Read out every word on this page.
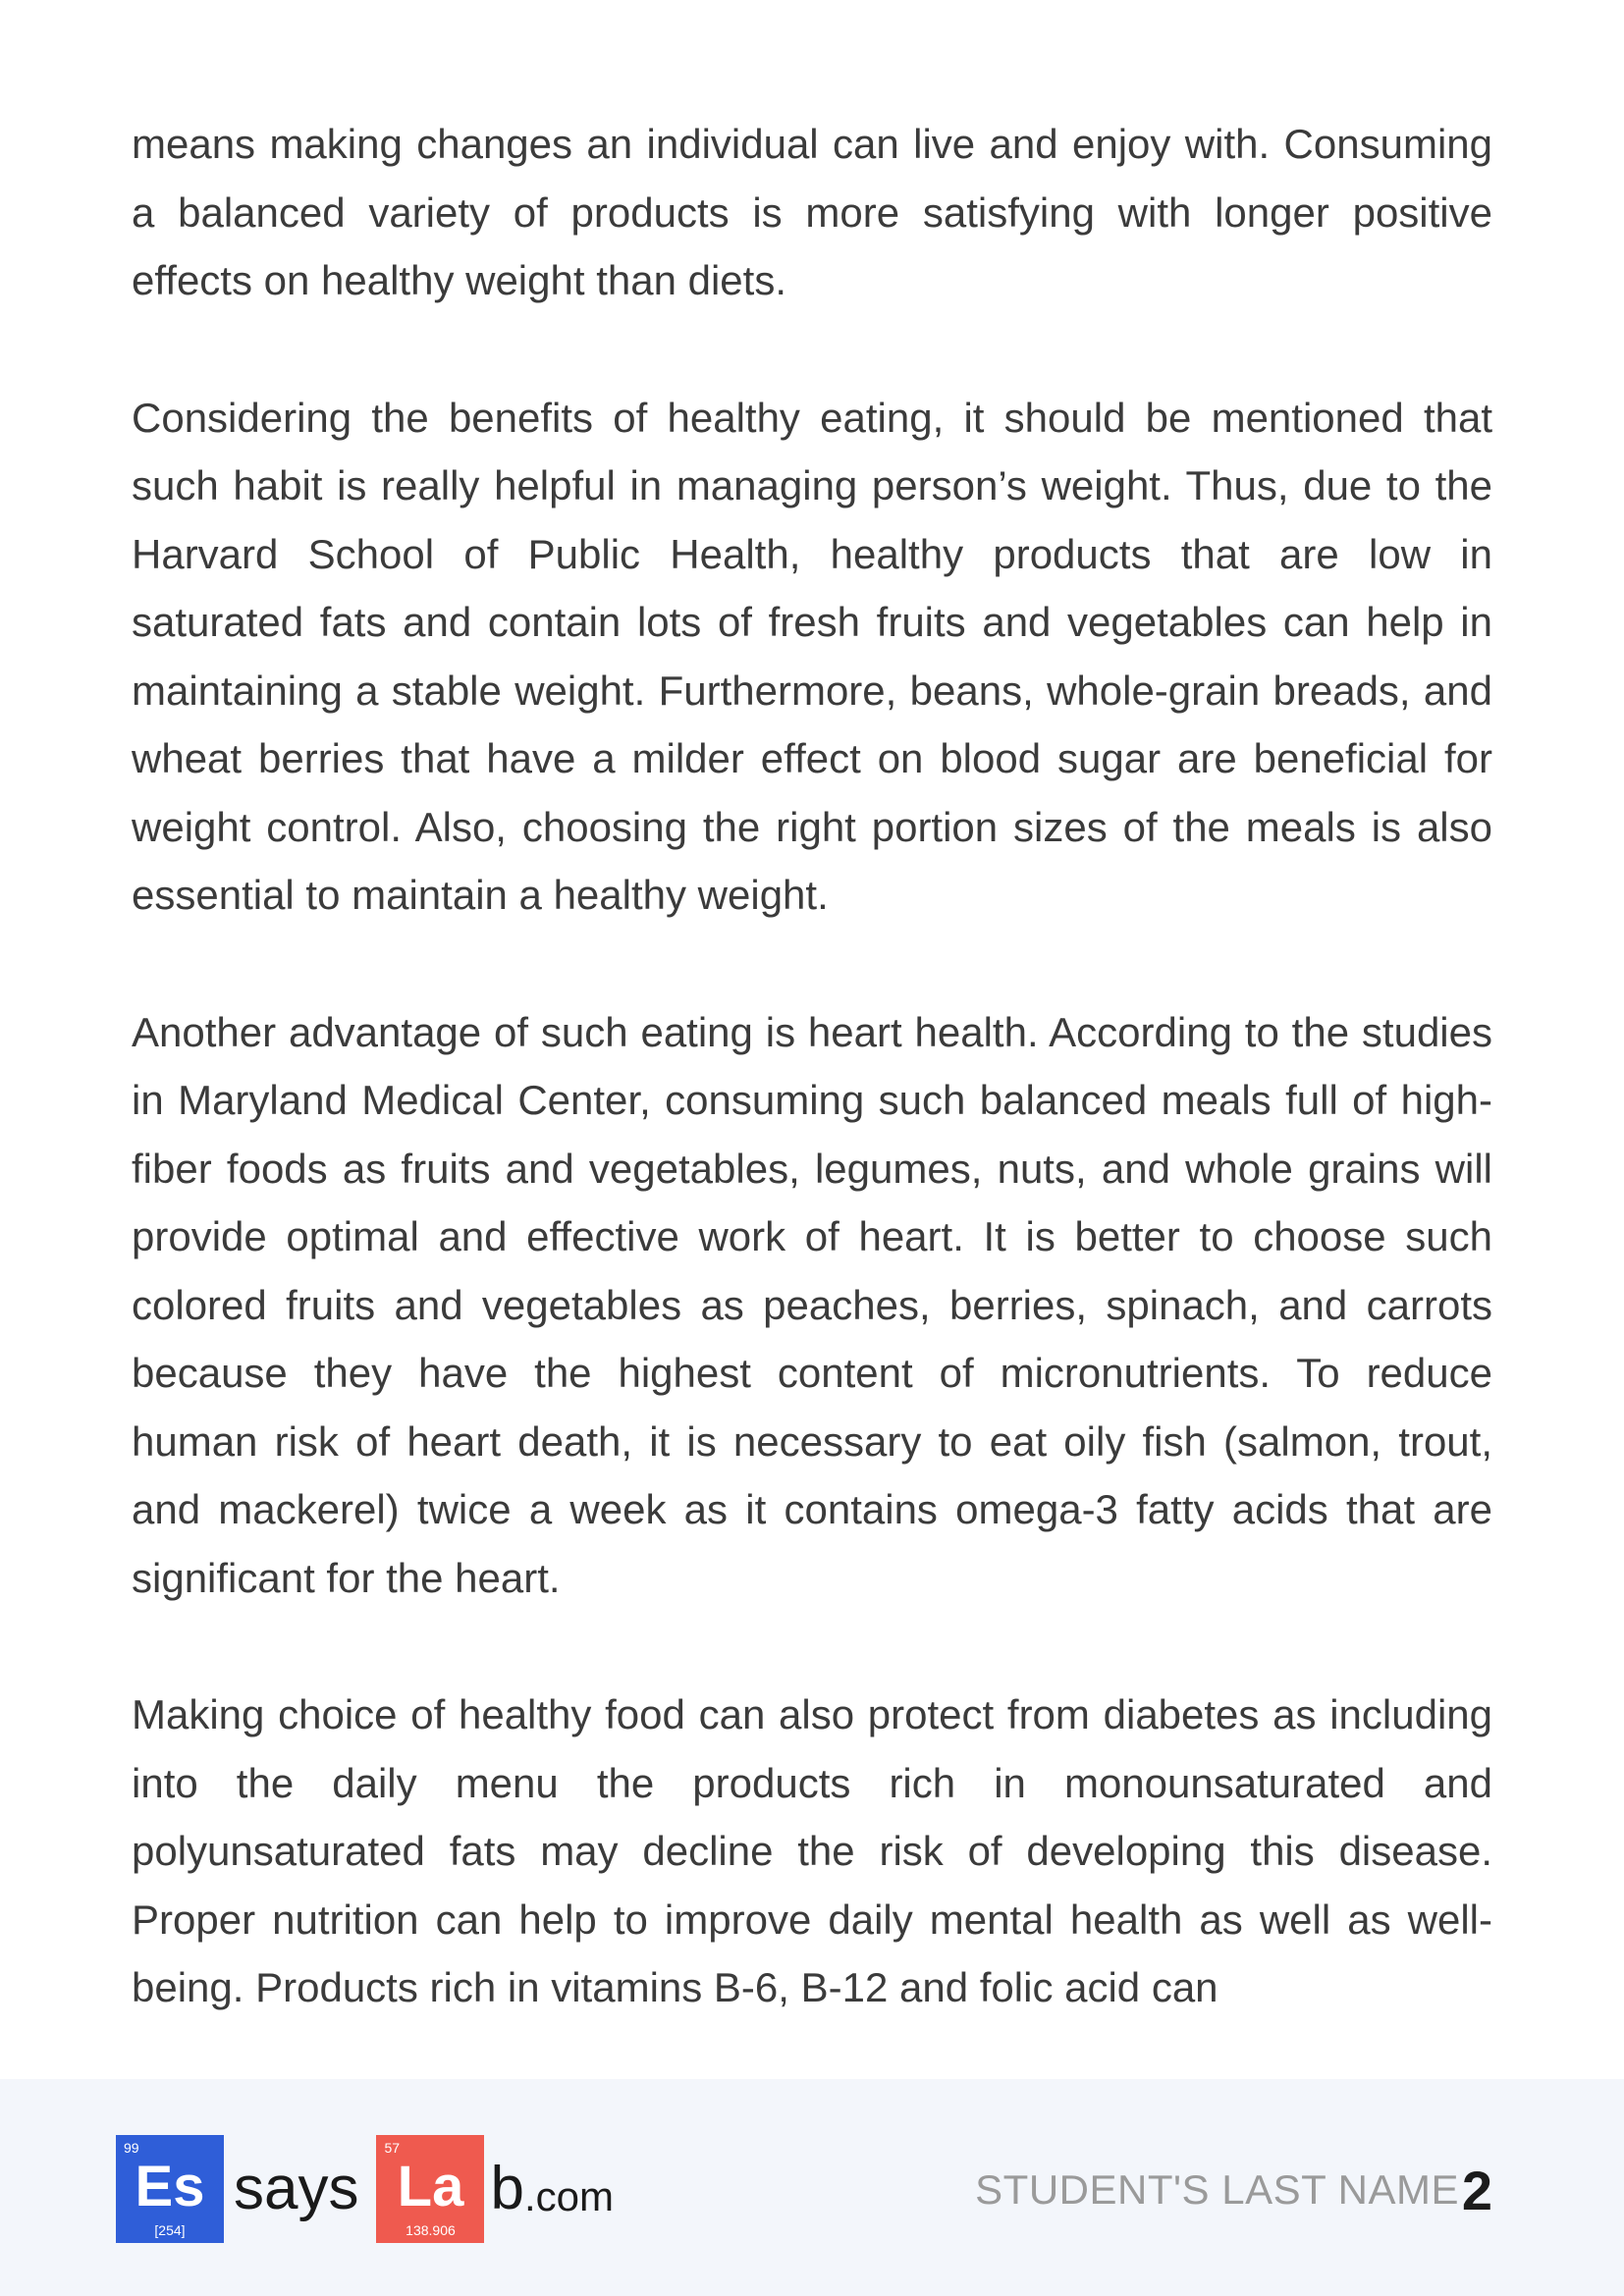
means making changes an individual can live and enjoy with. Consuming a balanced variety of products is more satisfying with longer positive effects on healthy weight than diets.

Considering the benefits of healthy eating, it should be mentioned that such habit is really helpful in managing person’s weight. Thus, due to the Harvard School of Public Health, healthy products that are low in saturated fats and contain lots of fresh fruits and vegetables can help in maintaining a stable weight. Furthermore, beans, whole-grain breads, and wheat berries that have a milder effect on blood sugar are beneficial for weight control. Also, choosing the right portion sizes of the meals is also essential to maintain a healthy weight.

Another advantage of such eating is heart health. According to the studies in Maryland Medical Center, consuming such balanced meals full of high-fiber foods as fruits and vegetables, legumes, nuts, and whole grains will provide optimal and effective work of heart. It is better to choose such colored fruits and vegetables as peaches, berries, spinach, and carrots because they have the highest content of micronutrients. To reduce human risk of heart death, it is necessary to eat oily fish (salmon, trout, and mackerel) twice a week as it contains omega-3 fatty acids that are significant for the heart.

Making choice of healthy food can also protect from diabetes as including into the daily menu the products rich in monounsaturated and polyunsaturated fats may decline the risk of developing this disease. Proper nutrition can help to improve daily mental health as well as well-being. Products rich in vitamins B-6, B-12 and folic acid can

99
Es
[254]
says
57
La
138.906
b .com	STUDENT'S LAST NAME 2
